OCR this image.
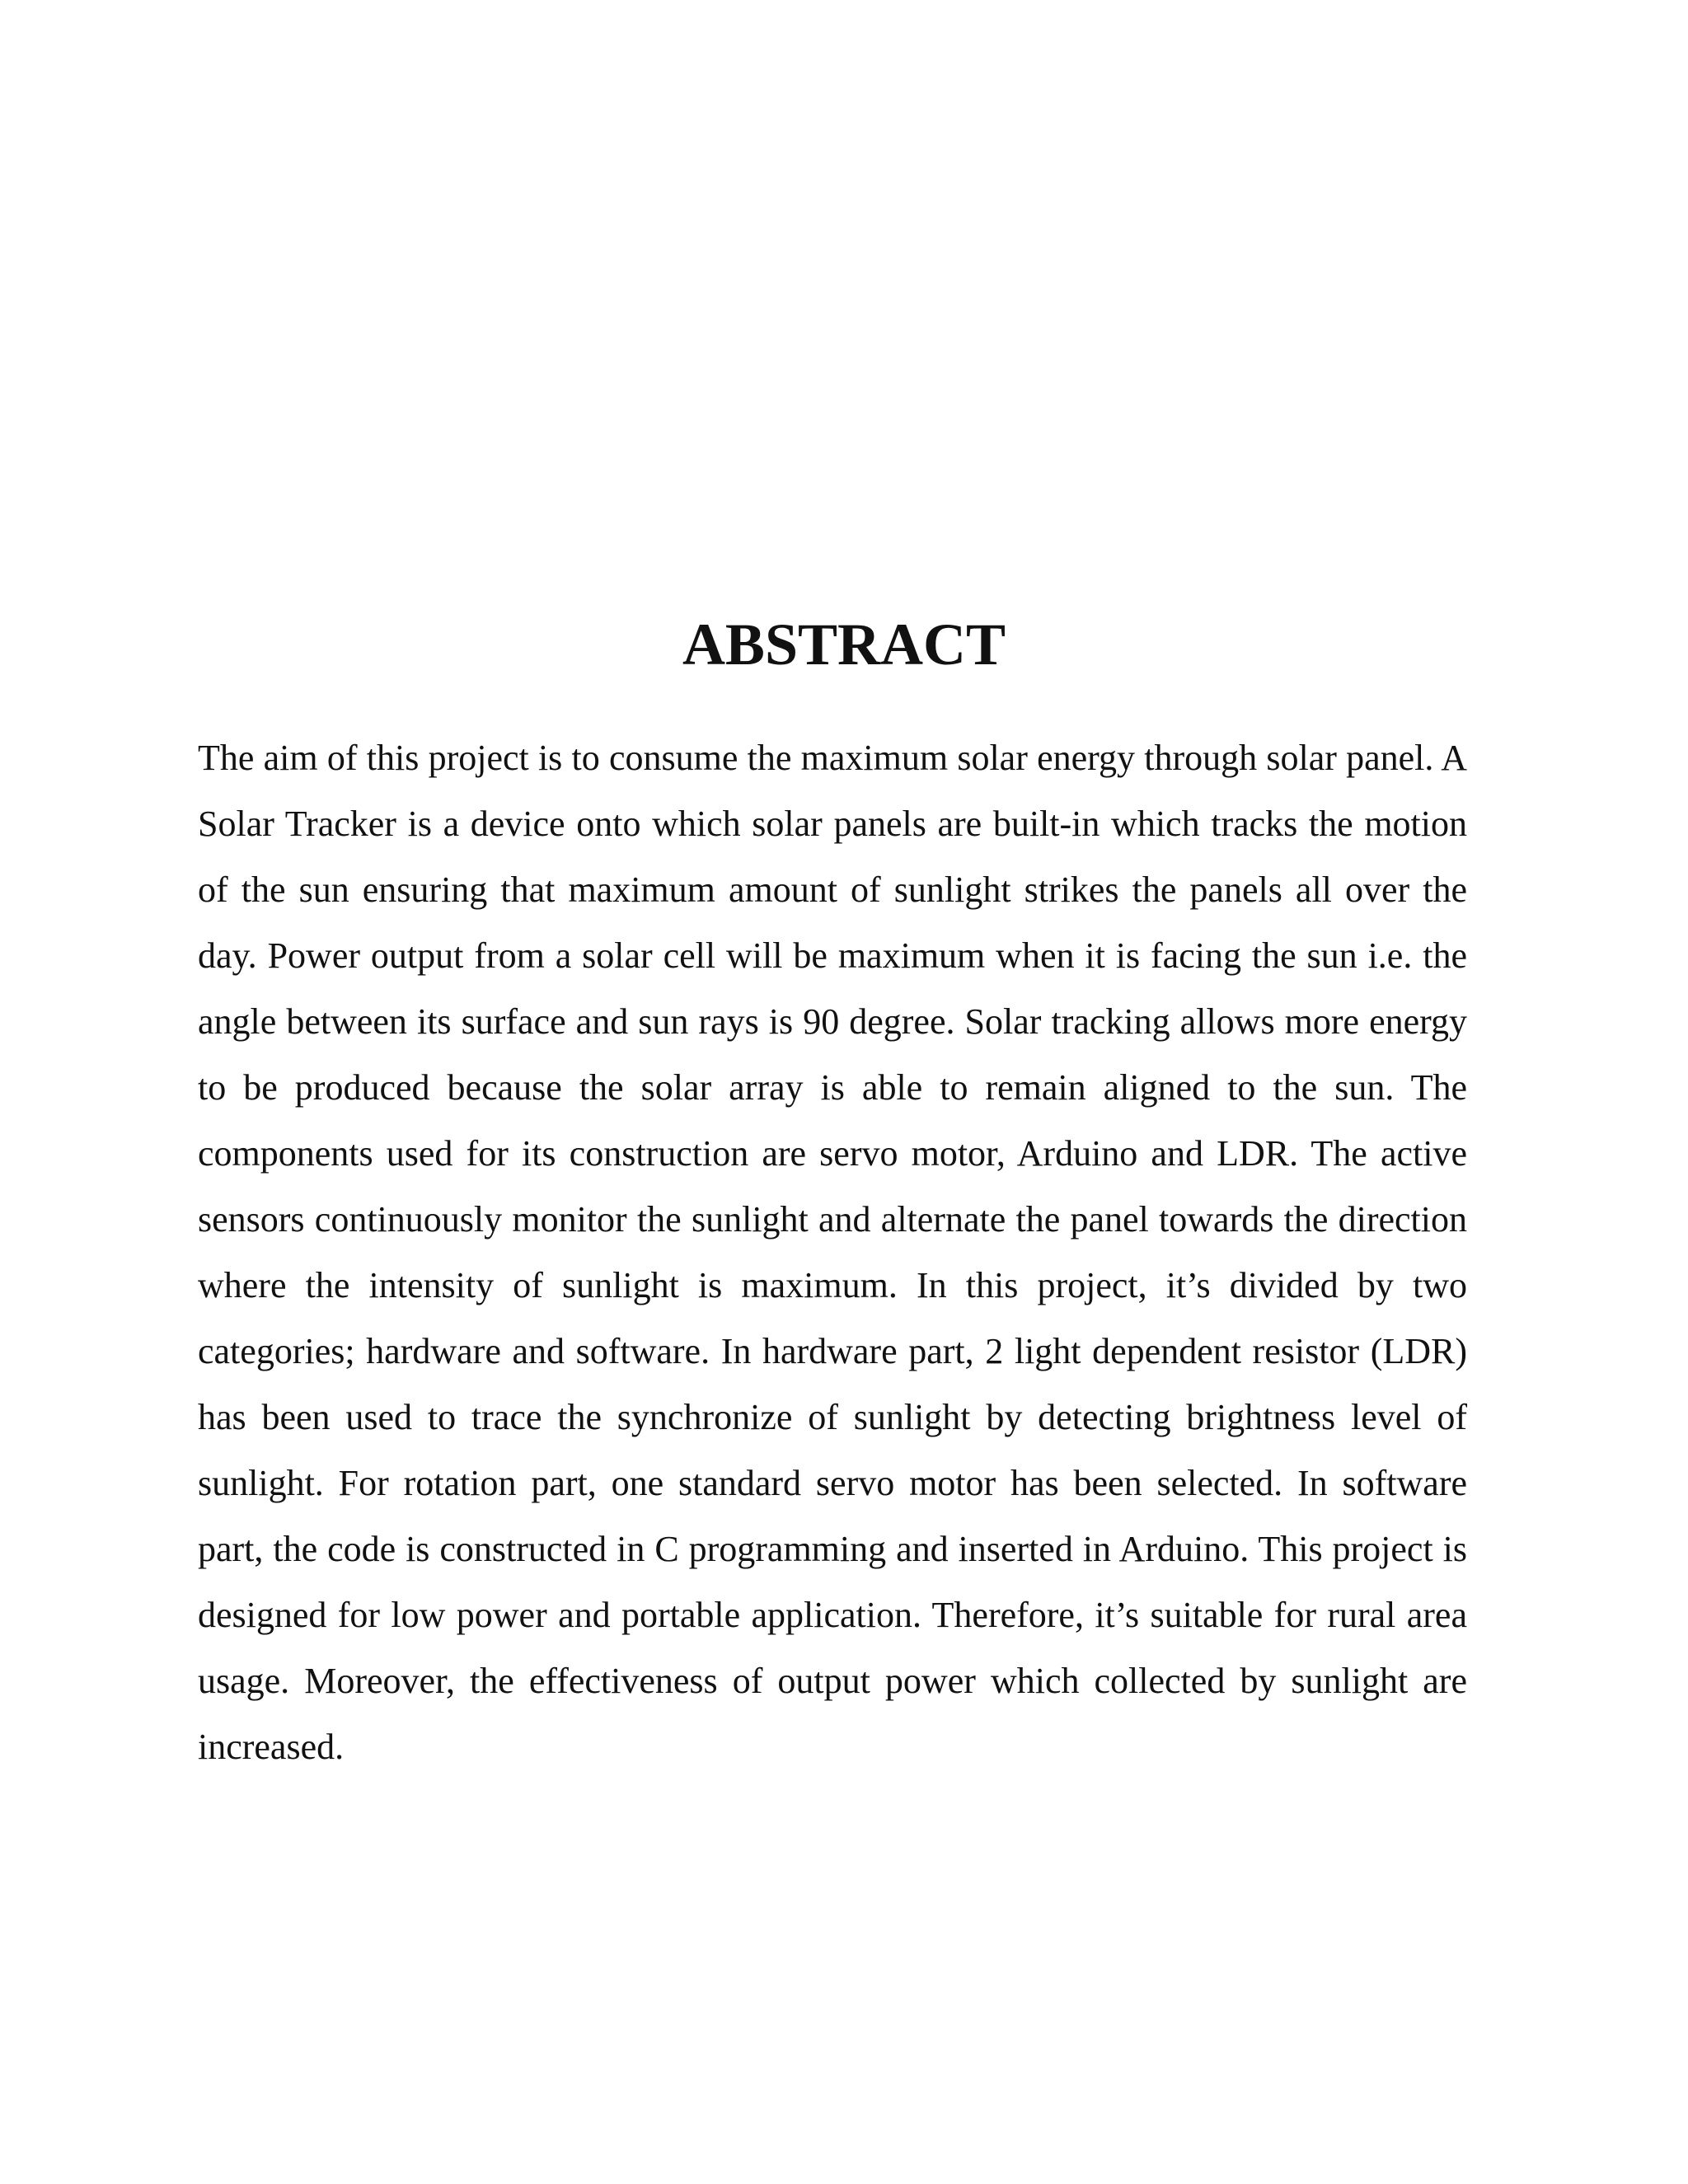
ABSTRACT

The aim of this project is to consume the maximum solar energy through solar panel. A Solar Tracker is a device onto which solar panels are built-in which tracks the motion of the sun ensuring that maximum amount of sunlight strikes the panels all over the day. Power output from a solar cell will be maximum when it is facing the sun i.e. the angle between its surface and sun rays is 90 degree. Solar tracking allows more energy to be produced because the solar array is able to remain aligned to the sun. The components used for its construction are servo motor, Arduino and LDR. The active sensors continuously monitor the sunlight and alternate the panel towards the direction where the intensity of sunlight is maximum. In this project, it’s divided by two categories; hardware and software. In hardware part, 2 light dependent resistor (LDR) has been used to trace the synchronize of sunlight by detecting brightness level of sunlight. For rotation part, one standard servo motor has been selected. In software part, the code is constructed in C programming and inserted in Arduino. This project is designed for low power and portable application. Therefore, it’s suitable for rural area usage. Moreover, the effectiveness of output power which collected by sunlight are increased.
